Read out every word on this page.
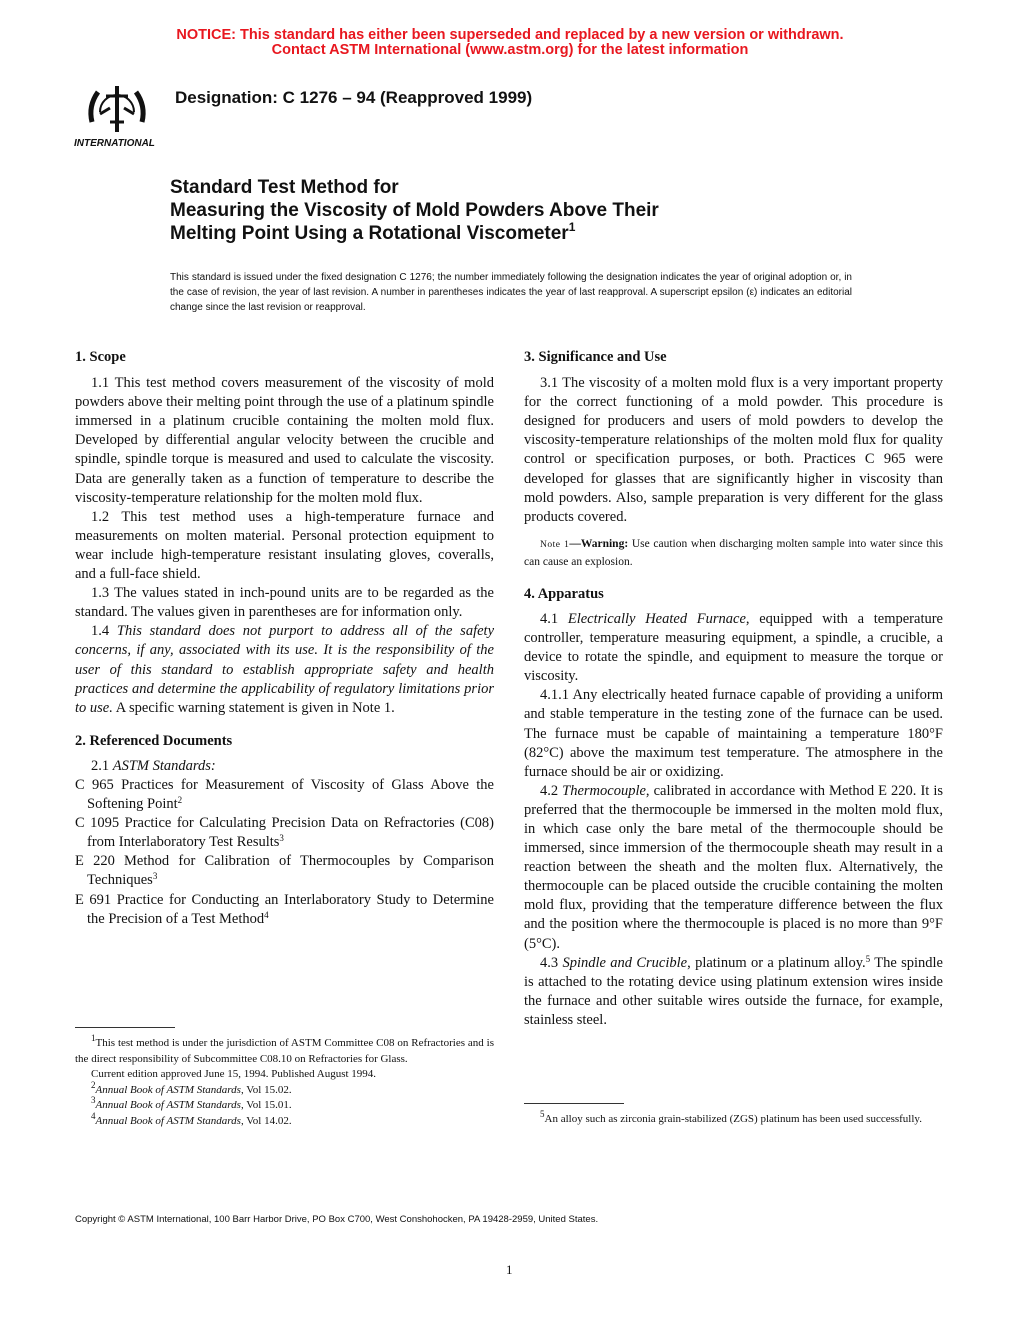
NOTICE: This standard has either been superseded and replaced by a new version or withdrawn.
Contact ASTM International (www.astm.org) for the latest information
INTERNATIONAL
Designation: C 1276 – 94 (Reapproved 1999)
Standard Test Method for
Measuring the Viscosity of Mold Powders Above Their
Melting Point Using a Rotational Viscometer$^1$
This standard is issued under the fixed designation C 1276; the number immediately following the designation indicates the year of original adoption or, in the case of revision, the year of last revision. A number in parentheses indicates the year of last reapproval. A superscript epsilon (ε) indicates an editorial change since the last revision or reapproval.

1. Scope

1.1 This test method covers measurement of the viscosity of mold powders above their melting point through the use of a platinum spindle immersed in a platinum crucible containing the molten mold flux. Developed by differential angular velocity between the crucible and spindle, spindle torque is measured and used to calculate the viscosity. Data are generally taken as a function of temperature to describe the viscosity-temperature relationship for the molten mold flux.

1.2 This test method uses a high-temperature furnace and measurements on molten material. Personal protection equipment to wear include high-temperature resistant insulating gloves, coveralls, and a full-face shield.

1.3 The values stated in inch-pound units are to be regarded as the standard. The values given in parentheses are for information only.

1.4 This standard does not purport to address all of the safety concerns, if any, associated with its use. It is the responsibility of the user of this standard to establish appropriate safety and health practices and determine the applicability of regulatory limitations prior to use. A specific warning statement is given in Note 1.

2. Referenced Documents

2.1 ASTM Standards:

C 965 Practices for Measurement of Viscosity of Glass Above the Softening Point$^2$

C 1095 Practice for Calculating Precision Data on Refractories (C08) from Interlaboratory Test Results$^3$

E 220 Method for Calibration of Thermocouples by Comparison Techniques$^3$

E 691 Practice for Conducting an Interlaboratory Study to Determine the Precision of a Test Method$^4$

$^1$This test method is under the jurisdiction of ASTM Committee C08 on Refractories and is the direct responsibility of Subcommittee C08.10 on Refractories for Glass.

Current edition approved June 15, 1994. Published August 1994.

$^2$Annual Book of ASTM Standards, Vol 15.02.

$^3$Annual Book of ASTM Standards, Vol 15.01.

$^4$Annual Book of ASTM Standards, Vol 14.02.

3. Significance and Use

3.1 The viscosity of a molten mold flux is a very important property for the correct functioning of a mold powder. This procedure is designed for producers and users of mold powders to develop the viscosity-temperature relationships of the molten mold flux for quality control or specification purposes, or both. Practices C 965 were developed for glasses that are significantly higher in viscosity than mold powders. Also, sample preparation is very different for the glass products covered.

Note 1—Warning: Use caution when discharging molten sample into water since this can cause an explosion.

4. Apparatus

4.1 Electrically Heated Furnace, equipped with a temperature controller, temperature measuring equipment, a spindle, a crucible, a device to rotate the spindle, and equipment to measure the torque or viscosity.

4.1.1 Any electrically heated furnace capable of providing a uniform and stable temperature in the testing zone of the furnace can be used. The furnace must be capable of maintaining a temperature 180°F (82°C) above the maximum test temperature. The atmosphere in the furnace should be air or oxidizing.

4.2 Thermocouple, calibrated in accordance with Method E 220. It is preferred that the thermocouple be immersed in the molten mold flux, in which case only the bare metal of the thermocouple should be immersed, since immersion of the thermocouple sheath may result in a reaction between the sheath and the molten flux. Alternatively, the thermocouple can be placed outside the crucible containing the molten mold flux, providing that the temperature difference between the flux and the position where the thermocouple is placed is no more than 9°F (5°C).

4.3 Spindle and Crucible, platinum or a platinum alloy.$^5$ The spindle is attached to the rotating device using platinum extension wires inside the furnace and other suitable wires outside the furnace, for example, stainless steel.

$^5$An alloy such as zirconia grain-stabilized (ZGS) platinum has been used successfully.

Copyright © ASTM International, 100 Barr Harbor Drive, PO Box C700, West Conshohocken, PA 19428-2959, United States.
1
